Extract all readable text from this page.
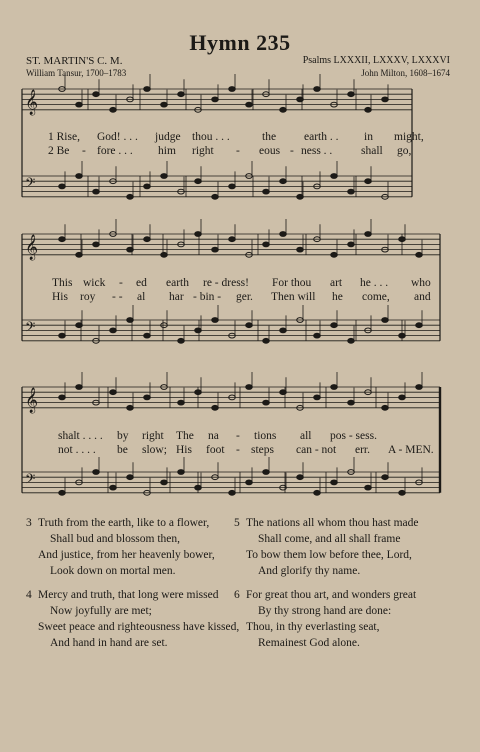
Hymn 235
ST. MARTIN'S C. M.
William Tansur, 1700–1783
Psalms LXXXII, LXXXV, LXXXVI
John Milton, 1608–1674
𝄞
𝄢
𝄞
𝄢
𝄞
𝄢
1 Rise, God! . . . judge thou . . .	the earth . . in might,
2 Be - fore . . . him right - eous - ness . . shall go,
This wick - ed earth re - dress! For thou art he . . . who
His roy - - al har - bin - ger. Then will he come, and
shalt . . . . by right The na - tions all pos - sess.
not . . . . be slow; His foot - steps can - not err. A - MEN.
3 Truth from the earth, like to a flower,
Shall bud and blossom then,
And justice, from her heavenly bower,
Look down on mortal men.
5 The nations all whom thou hast made
Shall come, and all shall frame
To bow them low before thee, Lord,
And glorify thy name.
4 Mercy and truth, that long were missed
Now joyfully are met;
Sweet peace and righteousness have kissed,
And hand in hand are set.
6 For great thou art, and wonders great
By thy strong hand are done:
Thou, in thy everlasting seat,
Remainest God alone.
